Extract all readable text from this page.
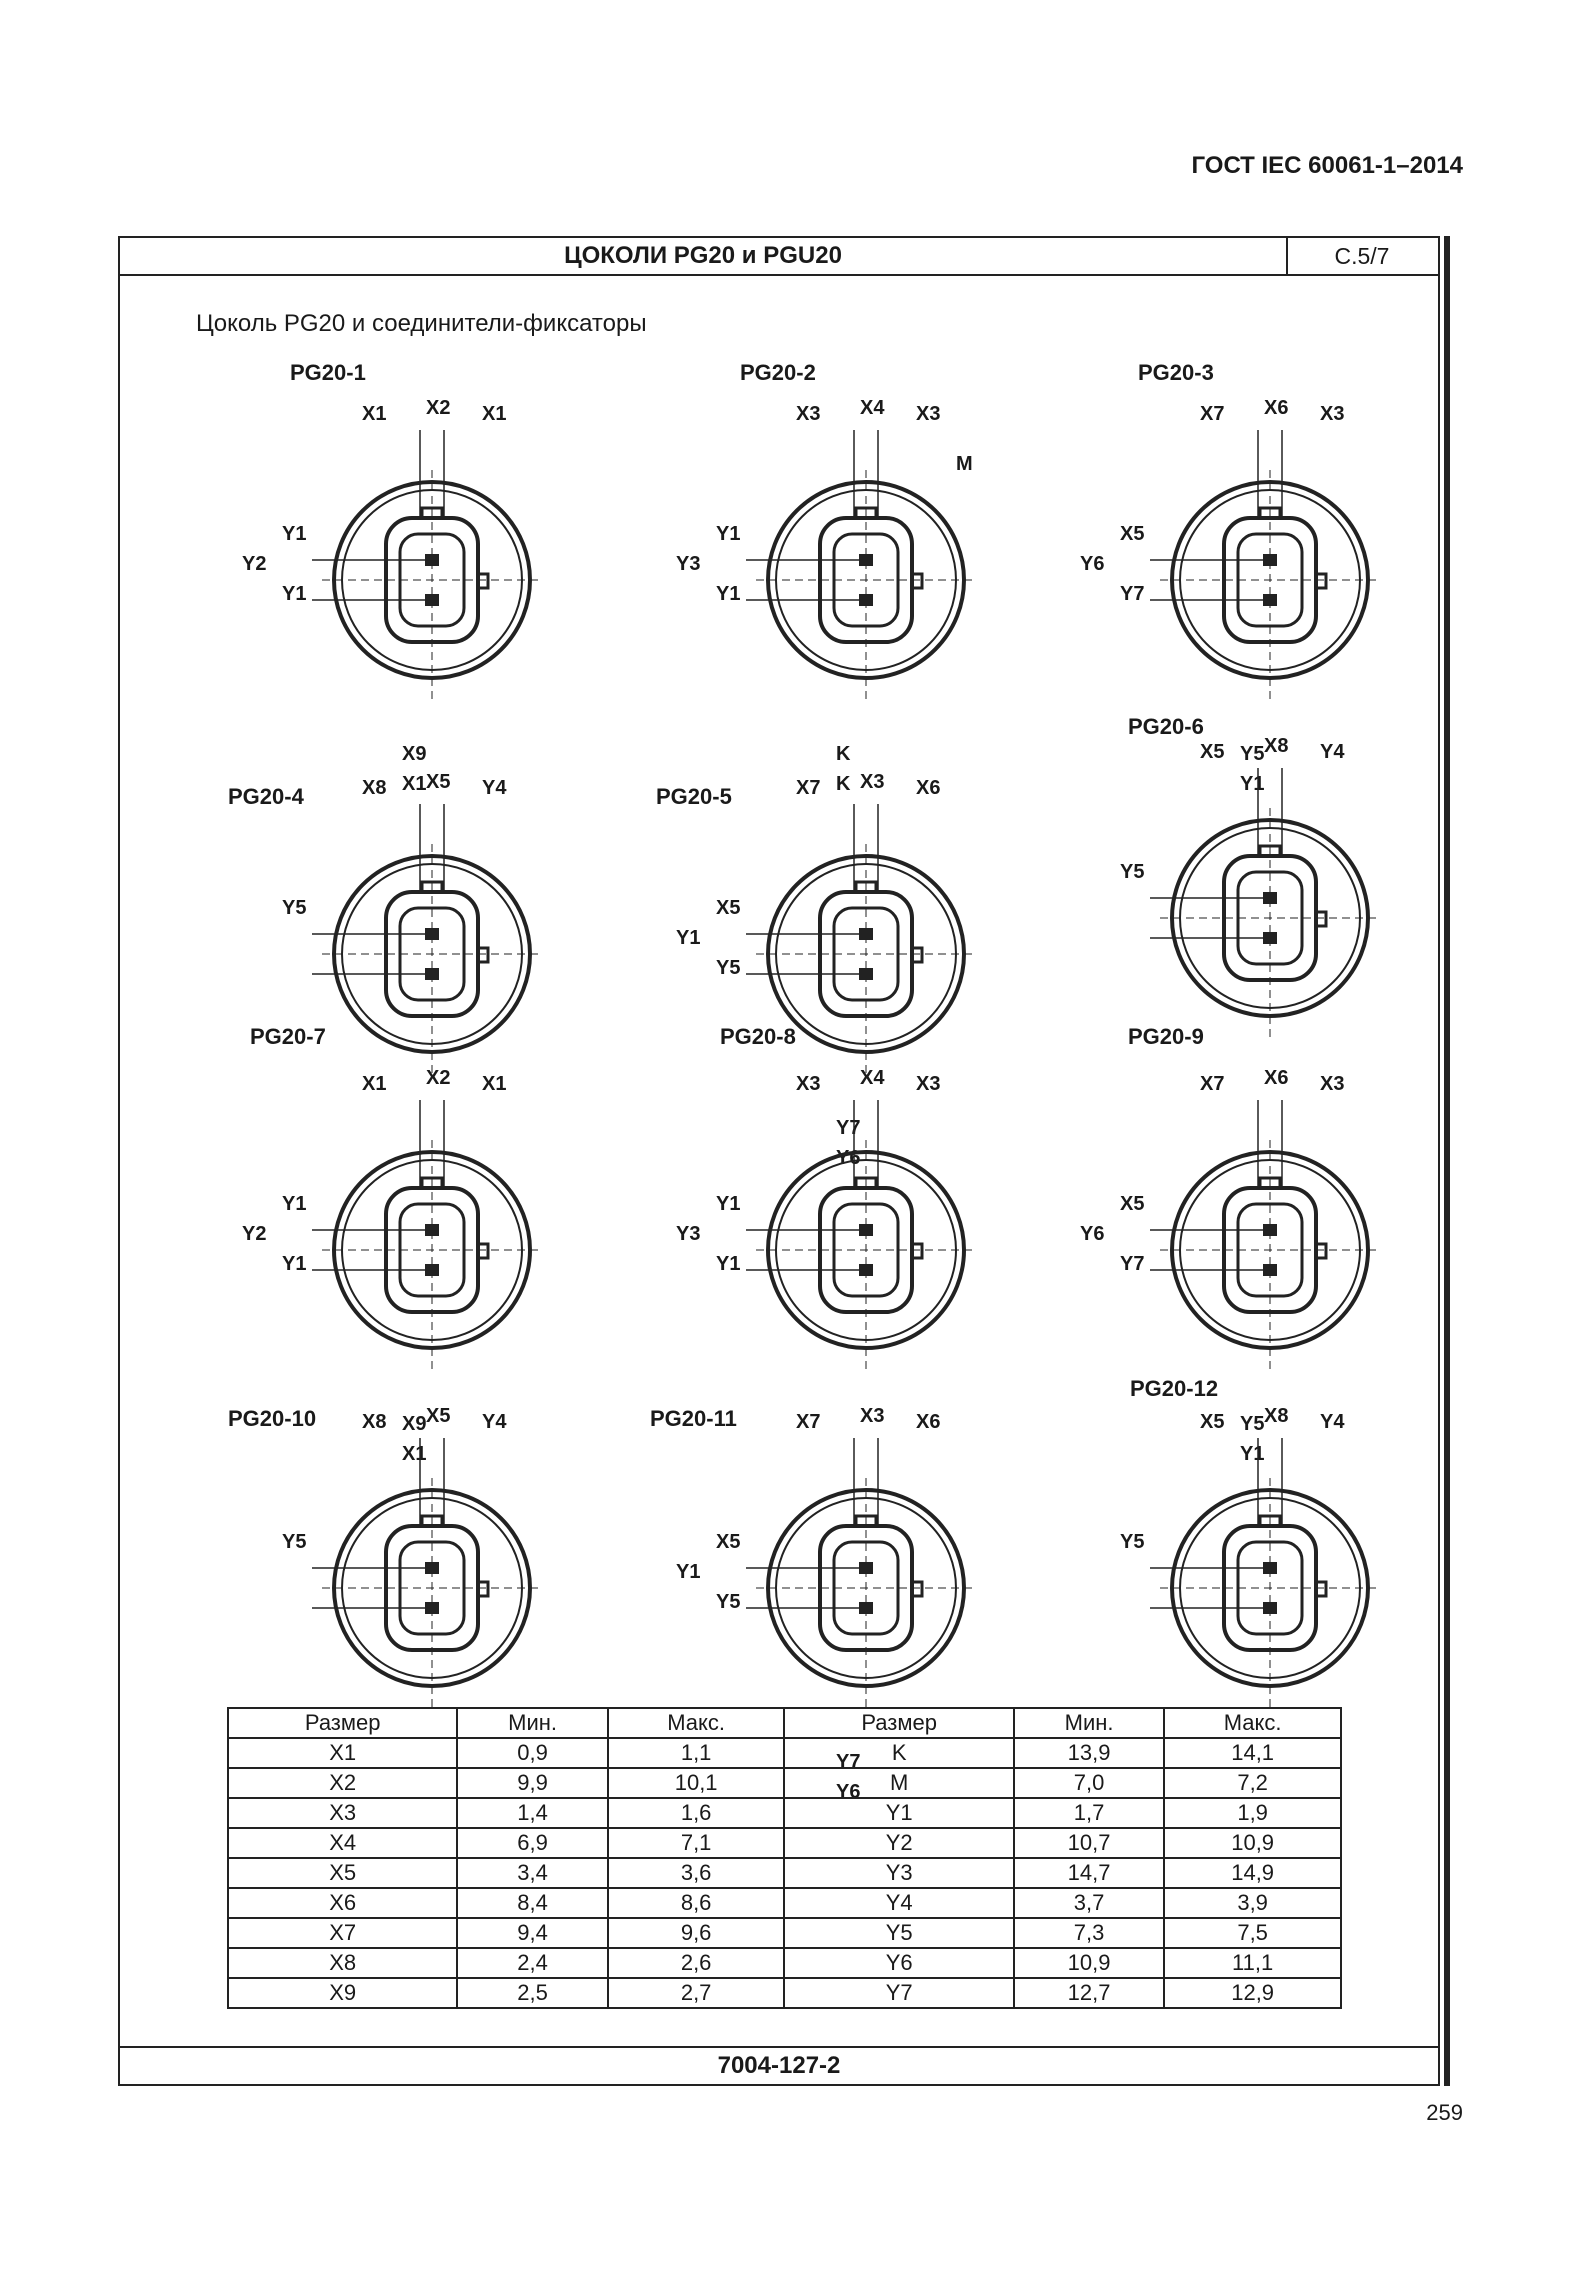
ГОСТ IEC 60061-1–2014
ЦОКОЛИ PG20 и PGU20	C.5/7
Цоколь PG20 и соединители-фиксаторы
PG20-1
X1 X2 X1
Y1
Y1
Y2
X9
X1
PG20-2
X3 X4 X3
Y1
Y1
Y3
K
K
M
PG20-3
X7 X6 X3
X5
Y7
Y6
Y5
Y1
PG20-4	X8 X5 Y4
Y5
PG20-5	X7 X3 X6
X5
Y5
Y1
Y7
Y6
PG20-6
X5 X8 Y4
Y5
PG20-7
X1 X2 X1
Y1
Y1
Y2
X9
X1
PG20-8
X3 X4 X3
Y1
Y1
Y3
PG20-9
X7 X6 X3
X5
Y7
Y6
Y5
Y1
PG20-10 X8 X5 Y4
Y5
PG20-11	X7 X3 X6
X5
Y5
Y1
Y7
Y6
PG20-12
X5 X8 Y4
Y5
Размер	Мин.	Макс.	Размер	Мин.	Макс.
X1	0,9	1,1	K	13,9	14,1
X2	9,9	10,1	M	7,0	7,2
X3	1,4	1,6	Y1	1,7	1,9
X4	6,9	7,1	Y2	10,7	10,9
X5	3,4	3,6	Y3	14,7	14,9
X6	8,4	8,6	Y4	3,7	3,9
X7	9,4	9,6	Y5	7,3	7,5
X8	2,4	2,6	Y6	10,9	11,1
X9	2,5	2,7	Y7	12,7	12,9
7004-127-2
259
